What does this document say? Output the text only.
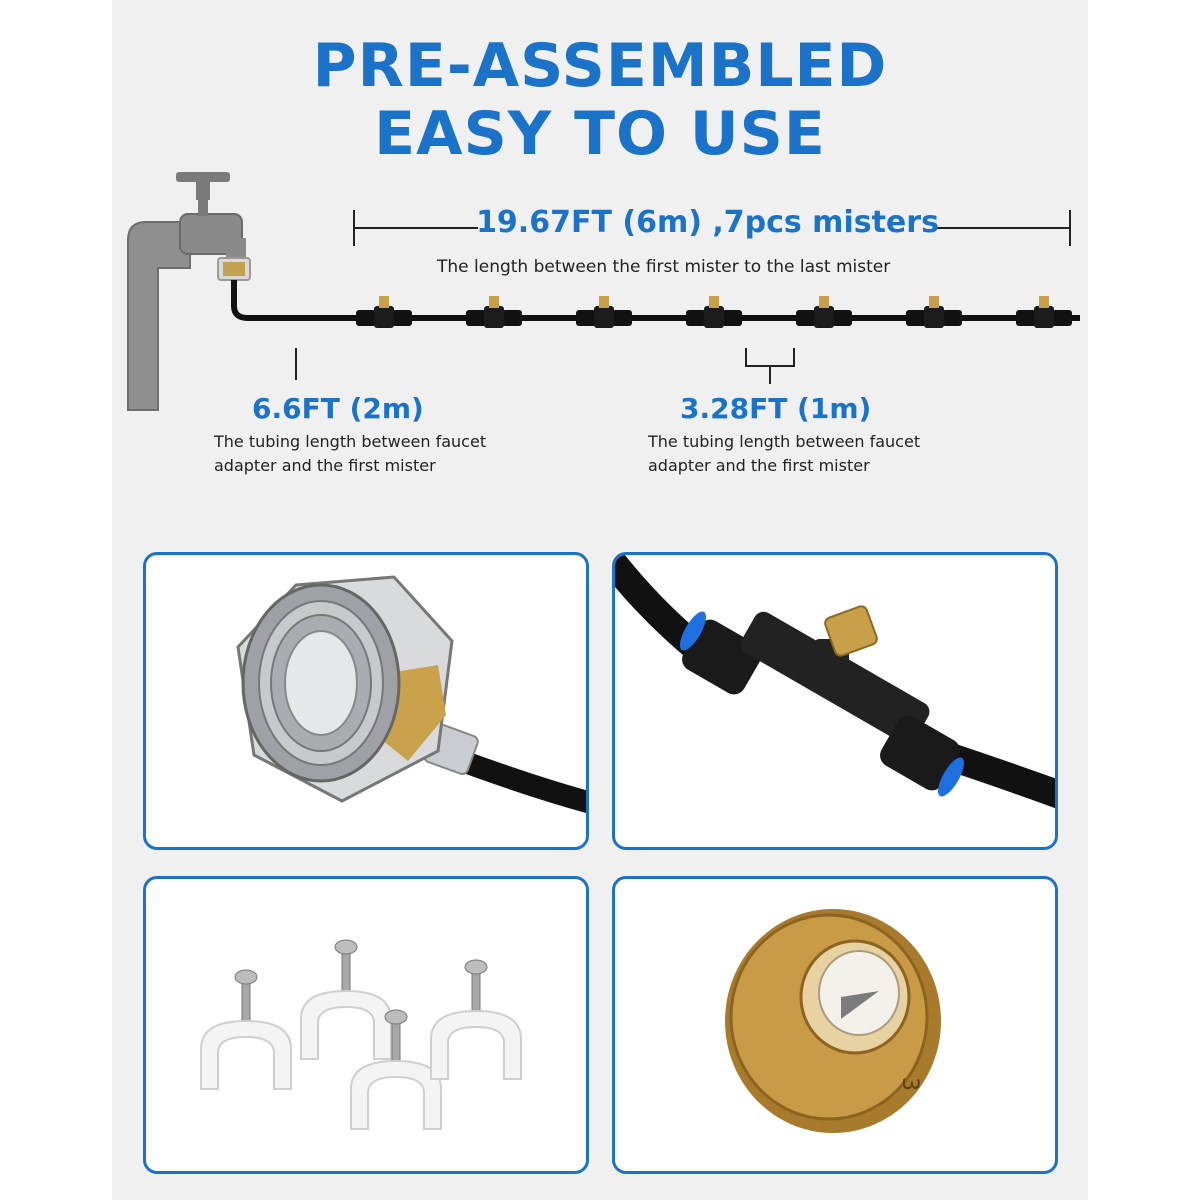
PRE-ASSEMBLED
EASY TO USE
19.67FT (6m) ,7pcs misters
The length between the first mister to the last mister
6.6FT (2m)
The tubing length between faucet
adapter and the first mister
3.28FT (1m)
The tubing length between faucet
adapter and the first mister
3
